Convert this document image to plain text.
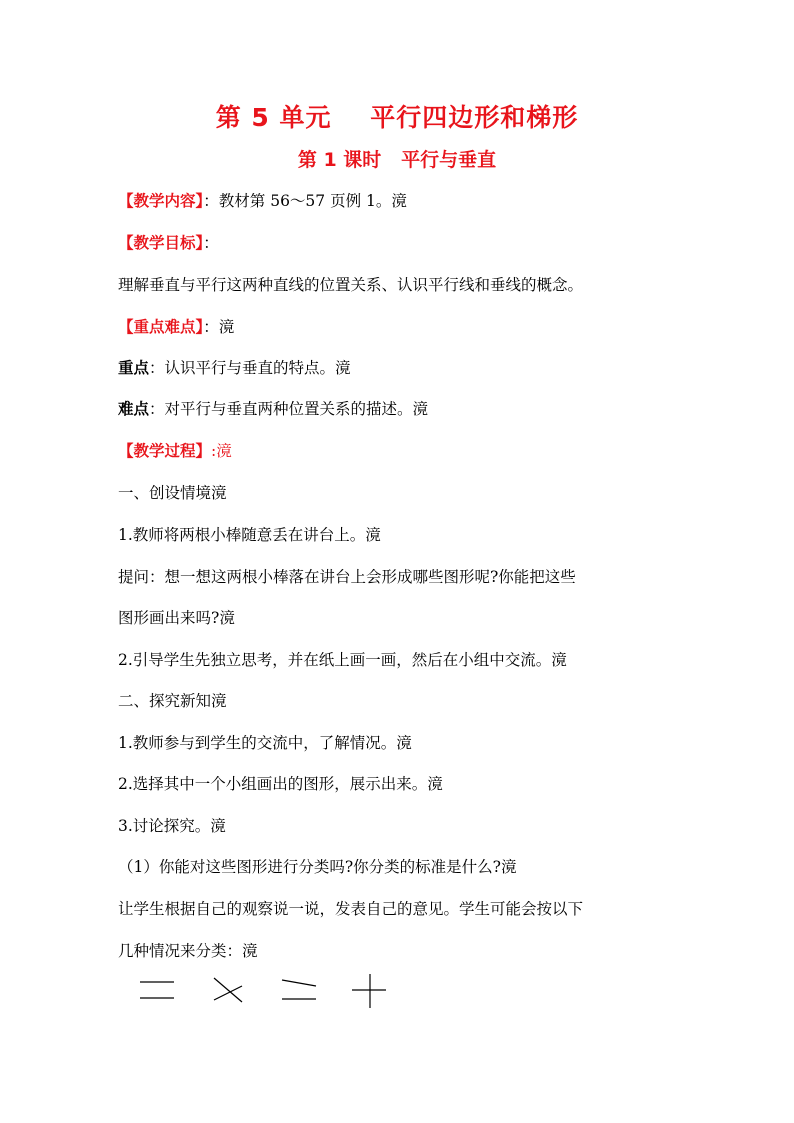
第 5 单元    平行四边形和梯形
第 1 课时   平行与垂直
【教学内容】：教材第 56～57 页例 1。滰
【教学目标】：
理解垂直与平行这两种直线的位置关系、认识平行线和垂线的概念。
【重点难点】：滰
重点：认识平行与垂直的特点。滰
难点：对平行与垂直两种位置关系的描述。滰
【教学过程】:滰
一、创设情境滰
1.教师将两根小棒随意丢在讲台上。滰
提问：想一想这两根小棒落在讲台上会形成哪些图形呢?你能把这些
图形画出来吗?滰
2.引导学生先独立思考，并在纸上画一画，然后在小组中交流。滰
二、探究新知滰
1.教师参与到学生的交流中，了解情况。滰
2.选择其中一个小组画出的图形，展示出来。滰
3.讨论探究。滰
（1）你能对这些图形进行分类吗?你分类的标准是什么?滰
让学生根据自己的观察说一说，发表自己的意见。学生可能会按以下
几种情况来分类：滰
